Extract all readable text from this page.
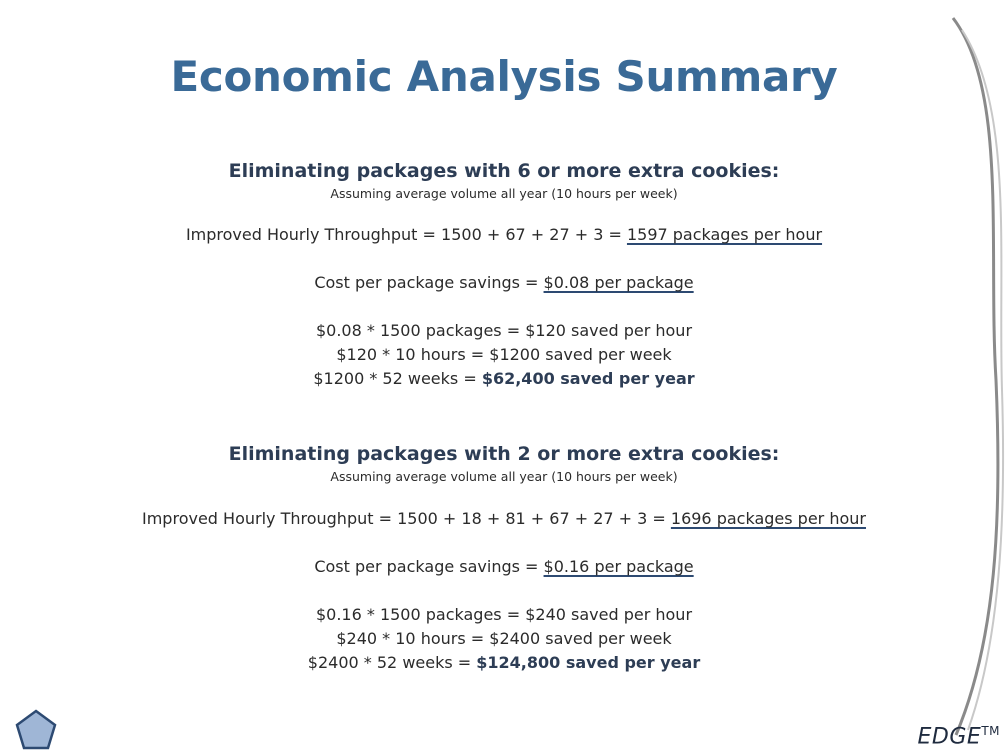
Economic Analysis Summary
Eliminating packages with 6 or more extra cookies:
Assuming average volume all year (10 hours per week)
Improved Hourly Throughput = 1500 + 67 + 27 + 3 = 1597 packages per hour
Cost per package savings = $0.08 per package
$0.08 * 1500 packages = $120 saved per hour
$120 * 10 hours = $1200 saved per week
$1200 * 52 weeks = $62,400 saved per year
Eliminating packages with 2 or more extra cookies:
Assuming average volume all year (10 hours per week)
Improved Hourly Throughput = 1500 + 18 + 81 + 67 + 27 + 3 = 1696 packages per hour
Cost per package savings = $0.16 per package
$0.16 * 1500 packages = $240 saved per hour
$240 * 10 hours = $2400 saved per week
$2400 * 52 weeks = $124,800 saved per year
EDGE™
